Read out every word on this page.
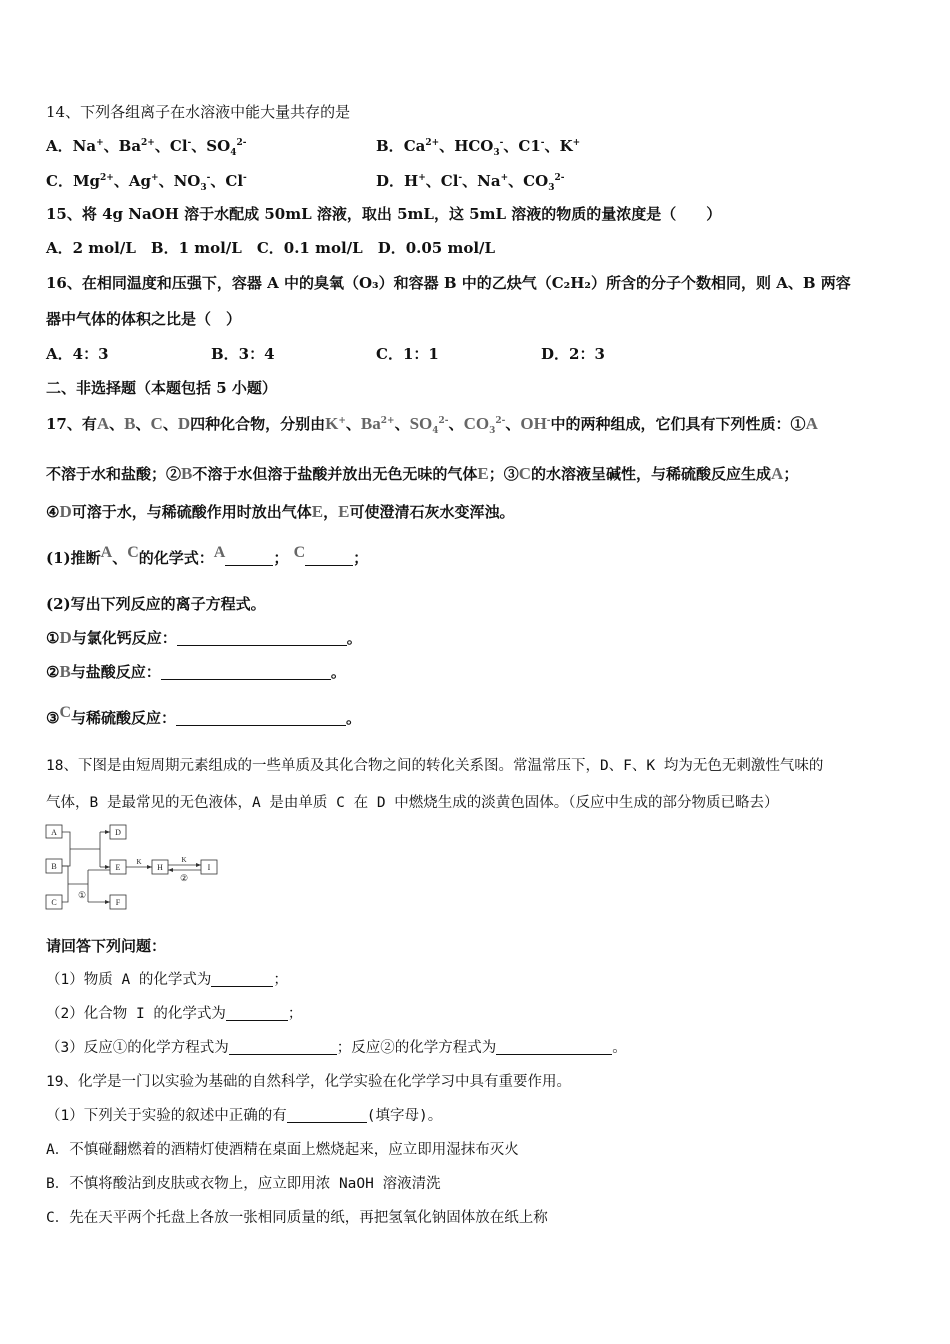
14、下列各组离子在水溶液中能大量共存的是
A．Na+、$Ba^{2+}$、Cl-、$SO_4^{2-}$	B．$Ca^{2+}$、$HCO_3^-$、C1-、K+
C．$Mg^{2+}$、Ag+、$NO_3^-$、Cl-	D．H+、Cl-、Na+、$CO_3^{2-}$
15、将 4g NaOH 溶于水配成 50mL 溶液，取出 5mL，这 5mL 溶液的物质的量浓度是（　　）
A．2 mol/L　B．1 mol/L　C．0.1 mol/L　D．0.05 mol/L
16、在相同温度和压强下，容器 A 中的臭氧（O₃）和容器 B 中的乙炔气（C₂H₂）所含的分子个数相同，则 A、B 两容
器中气体的体积之比是（　）
A．4：3	B．3：4	C．1：1	D．2：3
二、非选择题（本题包括 5 小题）
17、有A、B、C、D四种化合物，分别由K+、$Ba^{2+}$、$SO_4^{2-}$、$CO_3^{2-}$、OH-中的两种组成，它们具有下列性质：①A
不溶于水和盐酸；②B不溶于水但溶于盐酸并放出无色无味的气体E；③C的水溶液呈碱性，与稀硫酸反应生成A；
④D可溶于水，与稀硫酸作用时放出气体E，E可使澄清石灰水变浑浊。
(1)推断A、C的化学式：A	； C	；
(2)写出下列反应的离子方程式。
①D与氯化钙反应：	。
②B与盐酸反应：	。
③C与稀硫酸反应：	。
18、下图是由短周期元素组成的一些单质及其化合物之间的转化关系图。常温常压下，D、F、K 均为无色无刺激性气味的
气体，B 是最常见的无色液体，A 是由单质 C 在 D 中燃烧生成的淡黄色固体。（反应中生成的部分物质已略去）
A
B
C
D
E
F
H	I
K	K
①
②
请回答下列问题：
（1）物质 A 的化学式为	；
（2）化合物 I 的化学式为	；
（3）反应①的化学方程式为	；反应②的化学方程式为	。
19、化学是一门以实验为基础的自然科学，化学实验在化学学习中具有重要作用。
（1）下列关于实验的叙述中正确的有	(填字母)。
A．不慎碰翻燃着的酒精灯使酒精在桌面上燃烧起来，应立即用湿抹布灭火
B．不慎将酸沾到皮肤或衣物上，应立即用浓 NaOH 溶液清洗
C．先在天平两个托盘上各放一张相同质量的纸，再把氢氧化钠固体放在纸上称
